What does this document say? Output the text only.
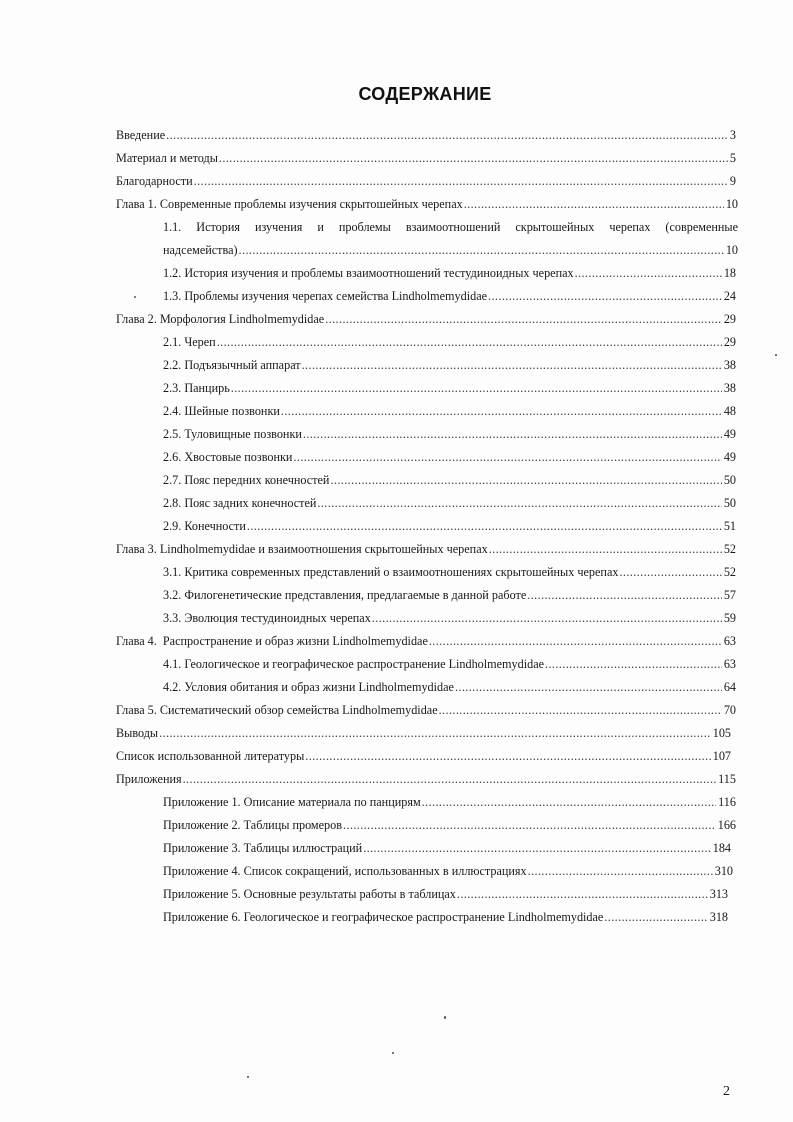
СОДЕРЖАНИЕ
Введение .....	3
Материал и методы .....	5
Благодарности .....	9
Глава 1. Современные проблемы изучения скрытошейных черепах .....	10
1.1. История изучения и проблемы взаимоотношений скрытошейных черепах (современные
надсемейства) .....	10
1.2. История изучения и проблемы взаимоотношений тестудиноидных черепах .....	18
1.3. Проблемы изучения черепах семейства Lindholmemydidae .....	24
Глава 2. Морфология Lindholmemydidae .....	29
2.1. Череп .....	29
2.2. Подъязычный аппарат .....	38
2.3. Панцирь .....	38
2.4. Шейные позвонки .....	48
2.5. Туловищные позвонки .....	49
2.6. Хвостовые позвонки .....	49
2.7. Пояс передних конечностей .....	50
2.8. Пояс задних конечностей .....	50
2.9. Конечности .....	51
Глава 3. Lindholmemydidae и взаимоотношения скрытошейных черепах .....	52
3.1. Критика современных представлений о взаимоотношениях скрытошейных черепах .....	52
3.2. Филогенетические представления, предлагаемые в данной работе .....	57
3.3. Эволюция тестудиноидных черепах .....	59
Глава 4.  Распространение и образ жизни Lindholmemydidae .....	63
4.1. Геологическое и географическое распространение Lindholmemydidae .....	63
4.2. Условия обитания и образ жизни Lindholmemydidae .....	64
Глава 5. Систематический обзор семейства Lindholmemydidae .....	70
Выводы .....	105
Список использованной литературы .....	107
Приложения .....	115
Приложение 1. Описание материала по панцирям .....	116
Приложение 2. Таблицы промеров .....	166
Приложение 3. Таблицы иллюстраций .....	184
Приложение 4. Список сокращений, использованных в иллюстрациях .....	310
Приложение 5. Основные результаты работы в таблицах .....	313
Приложение 6. Геологическое и географическое распространение Lindholmemydidae .....	318
2
